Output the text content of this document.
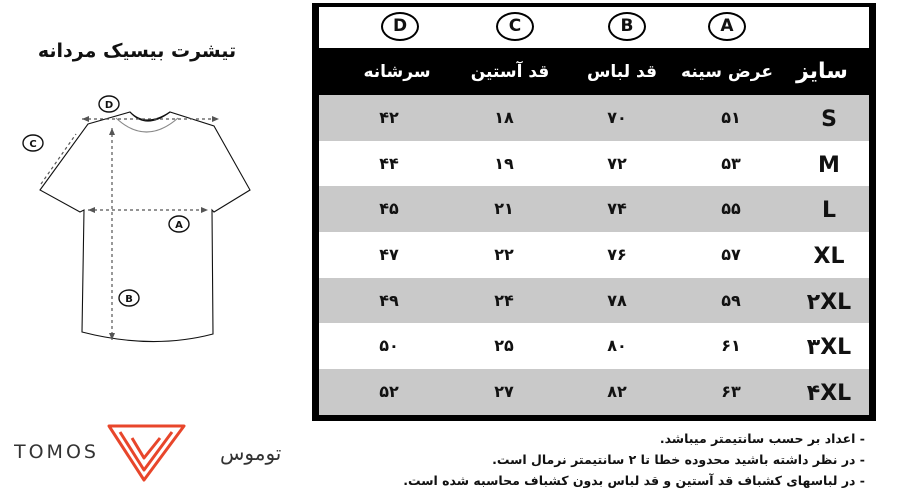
تیشرت بیسیک مردانه
D
C
A
B
TOMOS	توموس
D	C	B	A
سرشانه	قد آستین	قد لباس	عرض سینه	سایز
۴۲	۱۸	۷۰	۵۱	S
۴۴	۱۹	۷۲	۵۳	M
۴۵	۲۱	۷۴	۵۵	L
۴۷	۲۲	۷۶	۵۷	XL
۴۹	۲۴	۷۸	۵۹	۲XL
۵۰	۲۵	۸۰	۶۱	۳XL
۵۲	۲۷	۸۲	۶۳	۴XL
- اعداد بر حسب سانتیمتر میباشد.
- در نظر داشته باشید محدوده خطا تا ۲ سانتیمتر نرمال است.
- در لباسهای کشباف قد آستین و قد لباس بدون کشباف محاسبه شده است.
